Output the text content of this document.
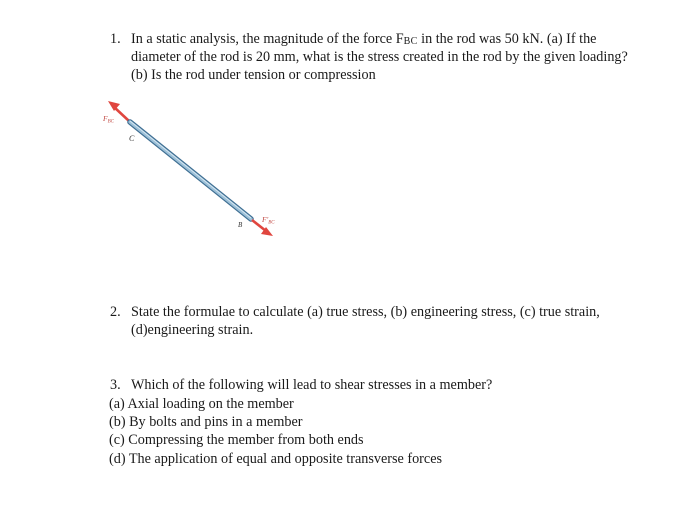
1. In a static analysis, the magnitude of the force $F_{BC}$ in the rod was 50 kN. (a) If the
diameter of the rod is 20 mm, what is the stress created in the rod by the given loading?
(b) Is the rod under tension or compression
$F_{BC}$
C
B
$F'_{BC}$
2. State the formulae to calculate (a) true stress, (b) engineering stress, (c) true strain,
(d)engineering strain.
3. Which of the following will lead to shear stresses in a member?
(a) Axial loading on the member
(b) By bolts and pins in a member
(c) Compressing the member from both ends
(d) The application of equal and opposite transverse forces
